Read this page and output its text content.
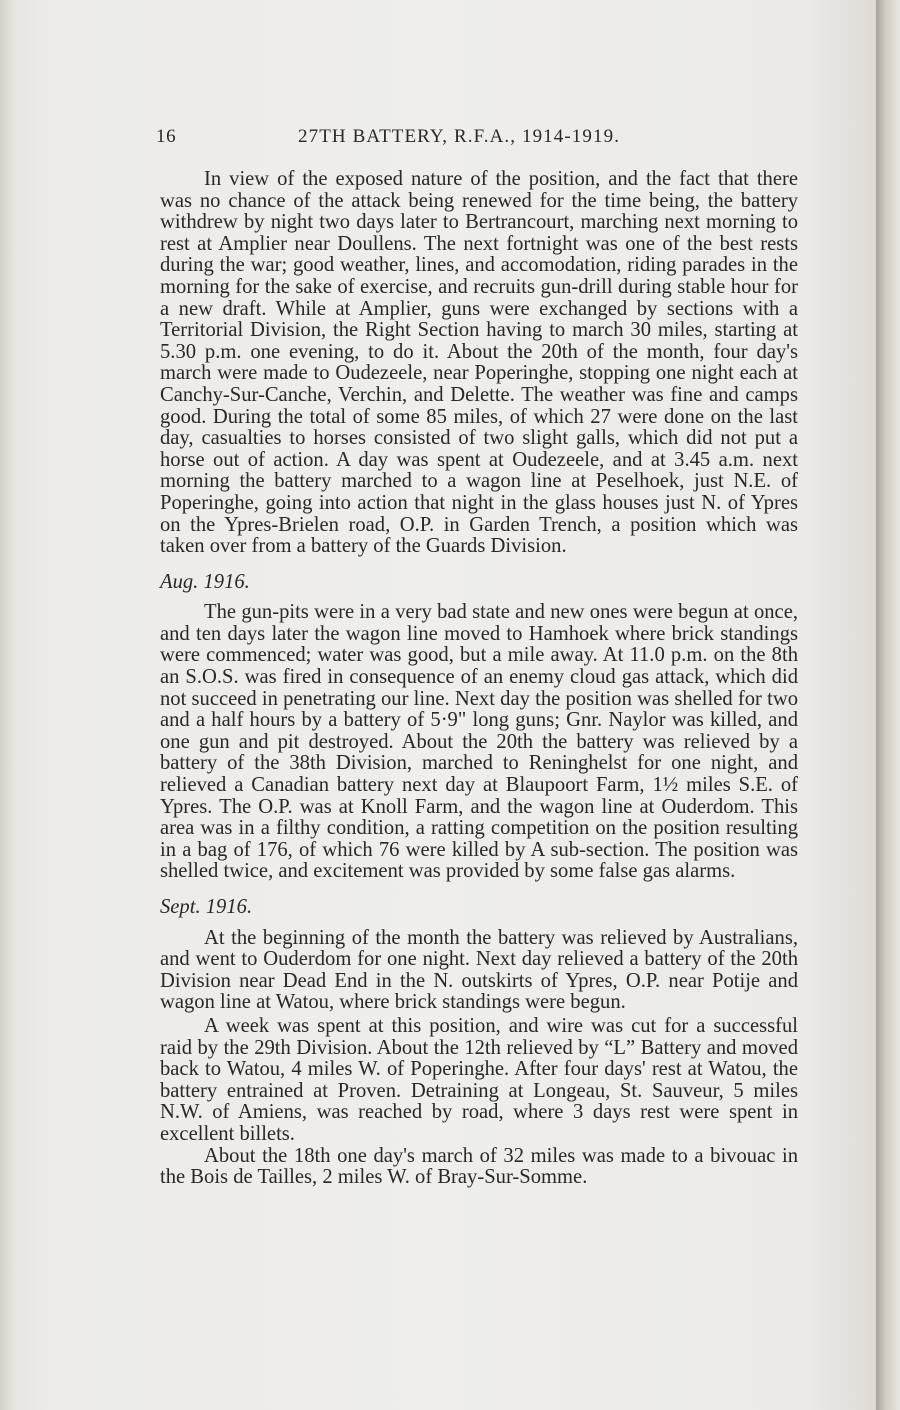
16	27TH BATTERY, R.F.A., 1914-1919.

In view of the exposed nature of the position, and the fact that there was no chance of the attack being renewed for the time being, the battery withdrew by night two days later to Bertrancourt, marching next morning to rest at Amplier near Doullens. The next fortnight was one of the best rests during the war; good weather, lines, and accomodation, riding parades in the morning for the sake of exercise, and recruits gun-drill during stable hour for a new draft. While at Amplier, guns were exchanged by sections with a Territorial Division, the Right Section having to march 30 miles, starting at 5.30 p.m. one evening, to do it. About the 20th of the month, four day's march were made to Oudezeele, near Poperinghe, stopping one night each at Canchy-Sur-Canche, Verchin, and Delette. The weather was fine and camps good. During the total of some 85 miles, of which 27 were done on the last day, casualties to horses consisted of two slight galls, which did not put a horse out of action. A day was spent at Oudezeele, and at 3.45 a.m. next morning the battery marched to a wagon line at Peselhoek, just N.E. of Poperinghe, going into action that night in the glass houses just N. of Ypres on the Ypres-Brielen road, O.P. in Garden Trench, a position which was taken over from a battery of the Guards Division.

Aug. 1916.

The gun-pits were in a very bad state and new ones were begun at once, and ten days later the wagon line moved to Hamhoek where brick standings were commenced; water was good, but a mile away. At 11.0 p.m. on the 8th an S.O.S. was fired in consequence of an enemy cloud gas attack, which did not succeed in penetrating our line. Next day the position was shelled for two and a half hours by a battery of 5·9" long guns; Gnr. Naylor was killed, and one gun and pit destroyed. About the 20th the battery was relieved by a battery of the 38th Division, marched to Reninghelst for one night, and relieved a Canadian battery next day at Blaupoort Farm, 1½ miles S.E. of Ypres. The O.P. was at Knoll Farm, and the wagon line at Ouderdom. This area was in a filthy condition, a ratting competition on the position resulting in a bag of 176, of which 76 were killed by A sub-section. The position was shelled twice, and excitement was provided by some false gas alarms.

Sept. 1916.

At the beginning of the month the battery was relieved by Australians, and went to Ouderdom for one night. Next day relieved a battery of the 20th Division near Dead End in the N. outskirts of Ypres, O.P. near Potije and wagon line at Watou, where brick standings were begun.

A week was spent at this position, and wire was cut for a successful raid by the 29th Division. About the 12th relieved by “L” Battery and moved back to Watou, 4 miles W. of Poperinghe. After four days' rest at Watou, the battery entrained at Proven. Detraining at Longeau, St. Sauveur, 5 miles N.W. of Amiens, was reached by road, where 3 days rest were spent in excellent billets.

About the 18th one day's march of 32 miles was made to a bivouac in the Bois de Tailles, 2 miles W. of Bray-Sur-Somme.
